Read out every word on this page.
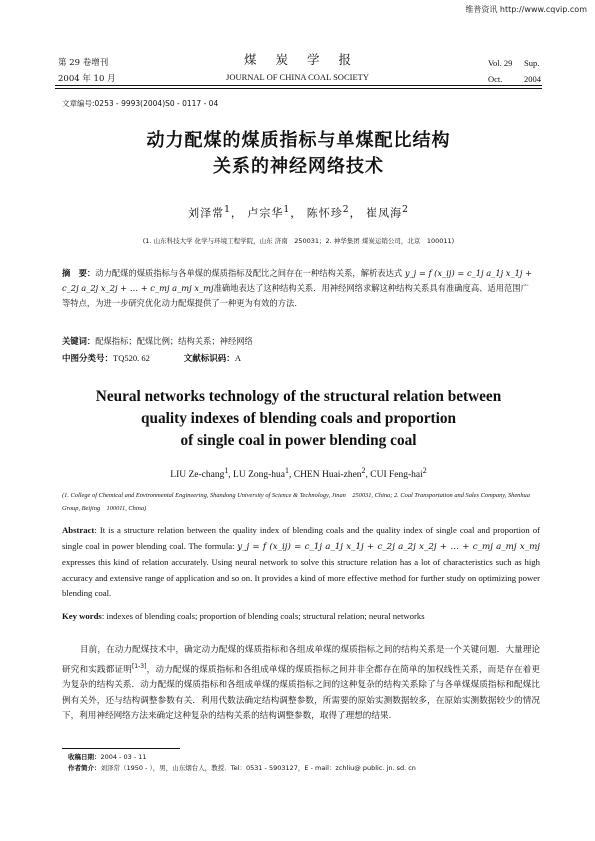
维普资讯 http://www.cqvip.com
第 29 卷增刊
2004 年 10 月
煤炭学报
JOURNAL OF CHINA COAL SOCIETY
Vol. 29 Sup.
Oct.	2004
文章编号:0253 - 9993(2004)S0 - 0117 - 04
动力配煤的煤质指标与单煤配比结构
关系的神经网络技术
刘泽常$^1$， 卢宗华$^1$， 陈怀珍$^2$， 崔凤海$^2$
(1. 山东科技大学 化学与环境工程学院，山东 济南　250031；2. 神华集团 煤炭运销公司，北京　100011)
摘　要：动力配煤的煤质指标与各单煤的煤质指标及配比之间存在一种结构关系，解析表达式 y_j = f (x_ij) = c_1j a_1j x_1j + c_2j a_2j x_2j + … + c_mj a_mj x_mj准确地表达了这种结构关系．用神经网络求解这种结构关系具有准确度高、适用范围广等特点，为进一步研究优化动力配煤提供了一种更为有效的方法.
关键词：配煤指标；配煤比例；结构关系；神经网络
中图分类号：TQ520. 62	文献标识码：A
Neural networks technology of the structural relation between
quality indexes of blending coals and proportion
of single coal in power blending coal
LIU Ze-chang$^1$, LU Zong-hua$^1$, CHEN Huai-zhen$^2$, CUI Feng-hai$^2$
(1. College of Chemical and Environmental Engineering, Shandong University of Science & Technology, Jinan　250031, China; 2. Coal Transportation and Sales Company, Shenhua Group, Beijing　100011, China)
Abstract: It is a structure relation between the quality index of blending coals and the quality index of single coal and proportion of single coal in power blending coal. The formula: y_j = f (x_ij) = c_1j a_1j x_1j + c_2j a_2j x_2j + … + c_mj a_mj x_mj expresses this kind of relation accurately. Using neural network to solve this structure relation has a lot of characteristics such as high accuracy and extensive range of application and so on. It provides a kind of more effective method for further study on optimizing power blending coal.
Key words: indexes of blending coals; proportion of blending coals; structural relation; neural networks
目前，在动力配煤技术中，确定动力配煤的煤质指标和各组成单煤的煤质指标之间的结构关系是一个关键问题．大量理论研究和实践都证明[1-3]，动力配煤的煤质指标和各组成单煤的煤质指标之间并非全都存在简单的加权线性关系，而是存在着更为复杂的结构关系．动力配煤的煤质指标和各组成单煤的煤质指标之间的这种复杂的结构关系除了与各单煤煤质指标和配煤比例有关外，还与结构调整参数有关．利用代数法确定结构调整参数，所需要的原始实测数据较多，在原始实测数据较少的情况下，利用神经网络方法来确定这种复杂的结构关系的结构调整参数，取得了理想的结果.
收稿日期：2004 - 03 - 11
作者简介：刘泽常（1950 - ），男，山东烟台人，教授．Tel：0531 - 5903127，E - mail：zchliu@ public. jn. sd. cn
